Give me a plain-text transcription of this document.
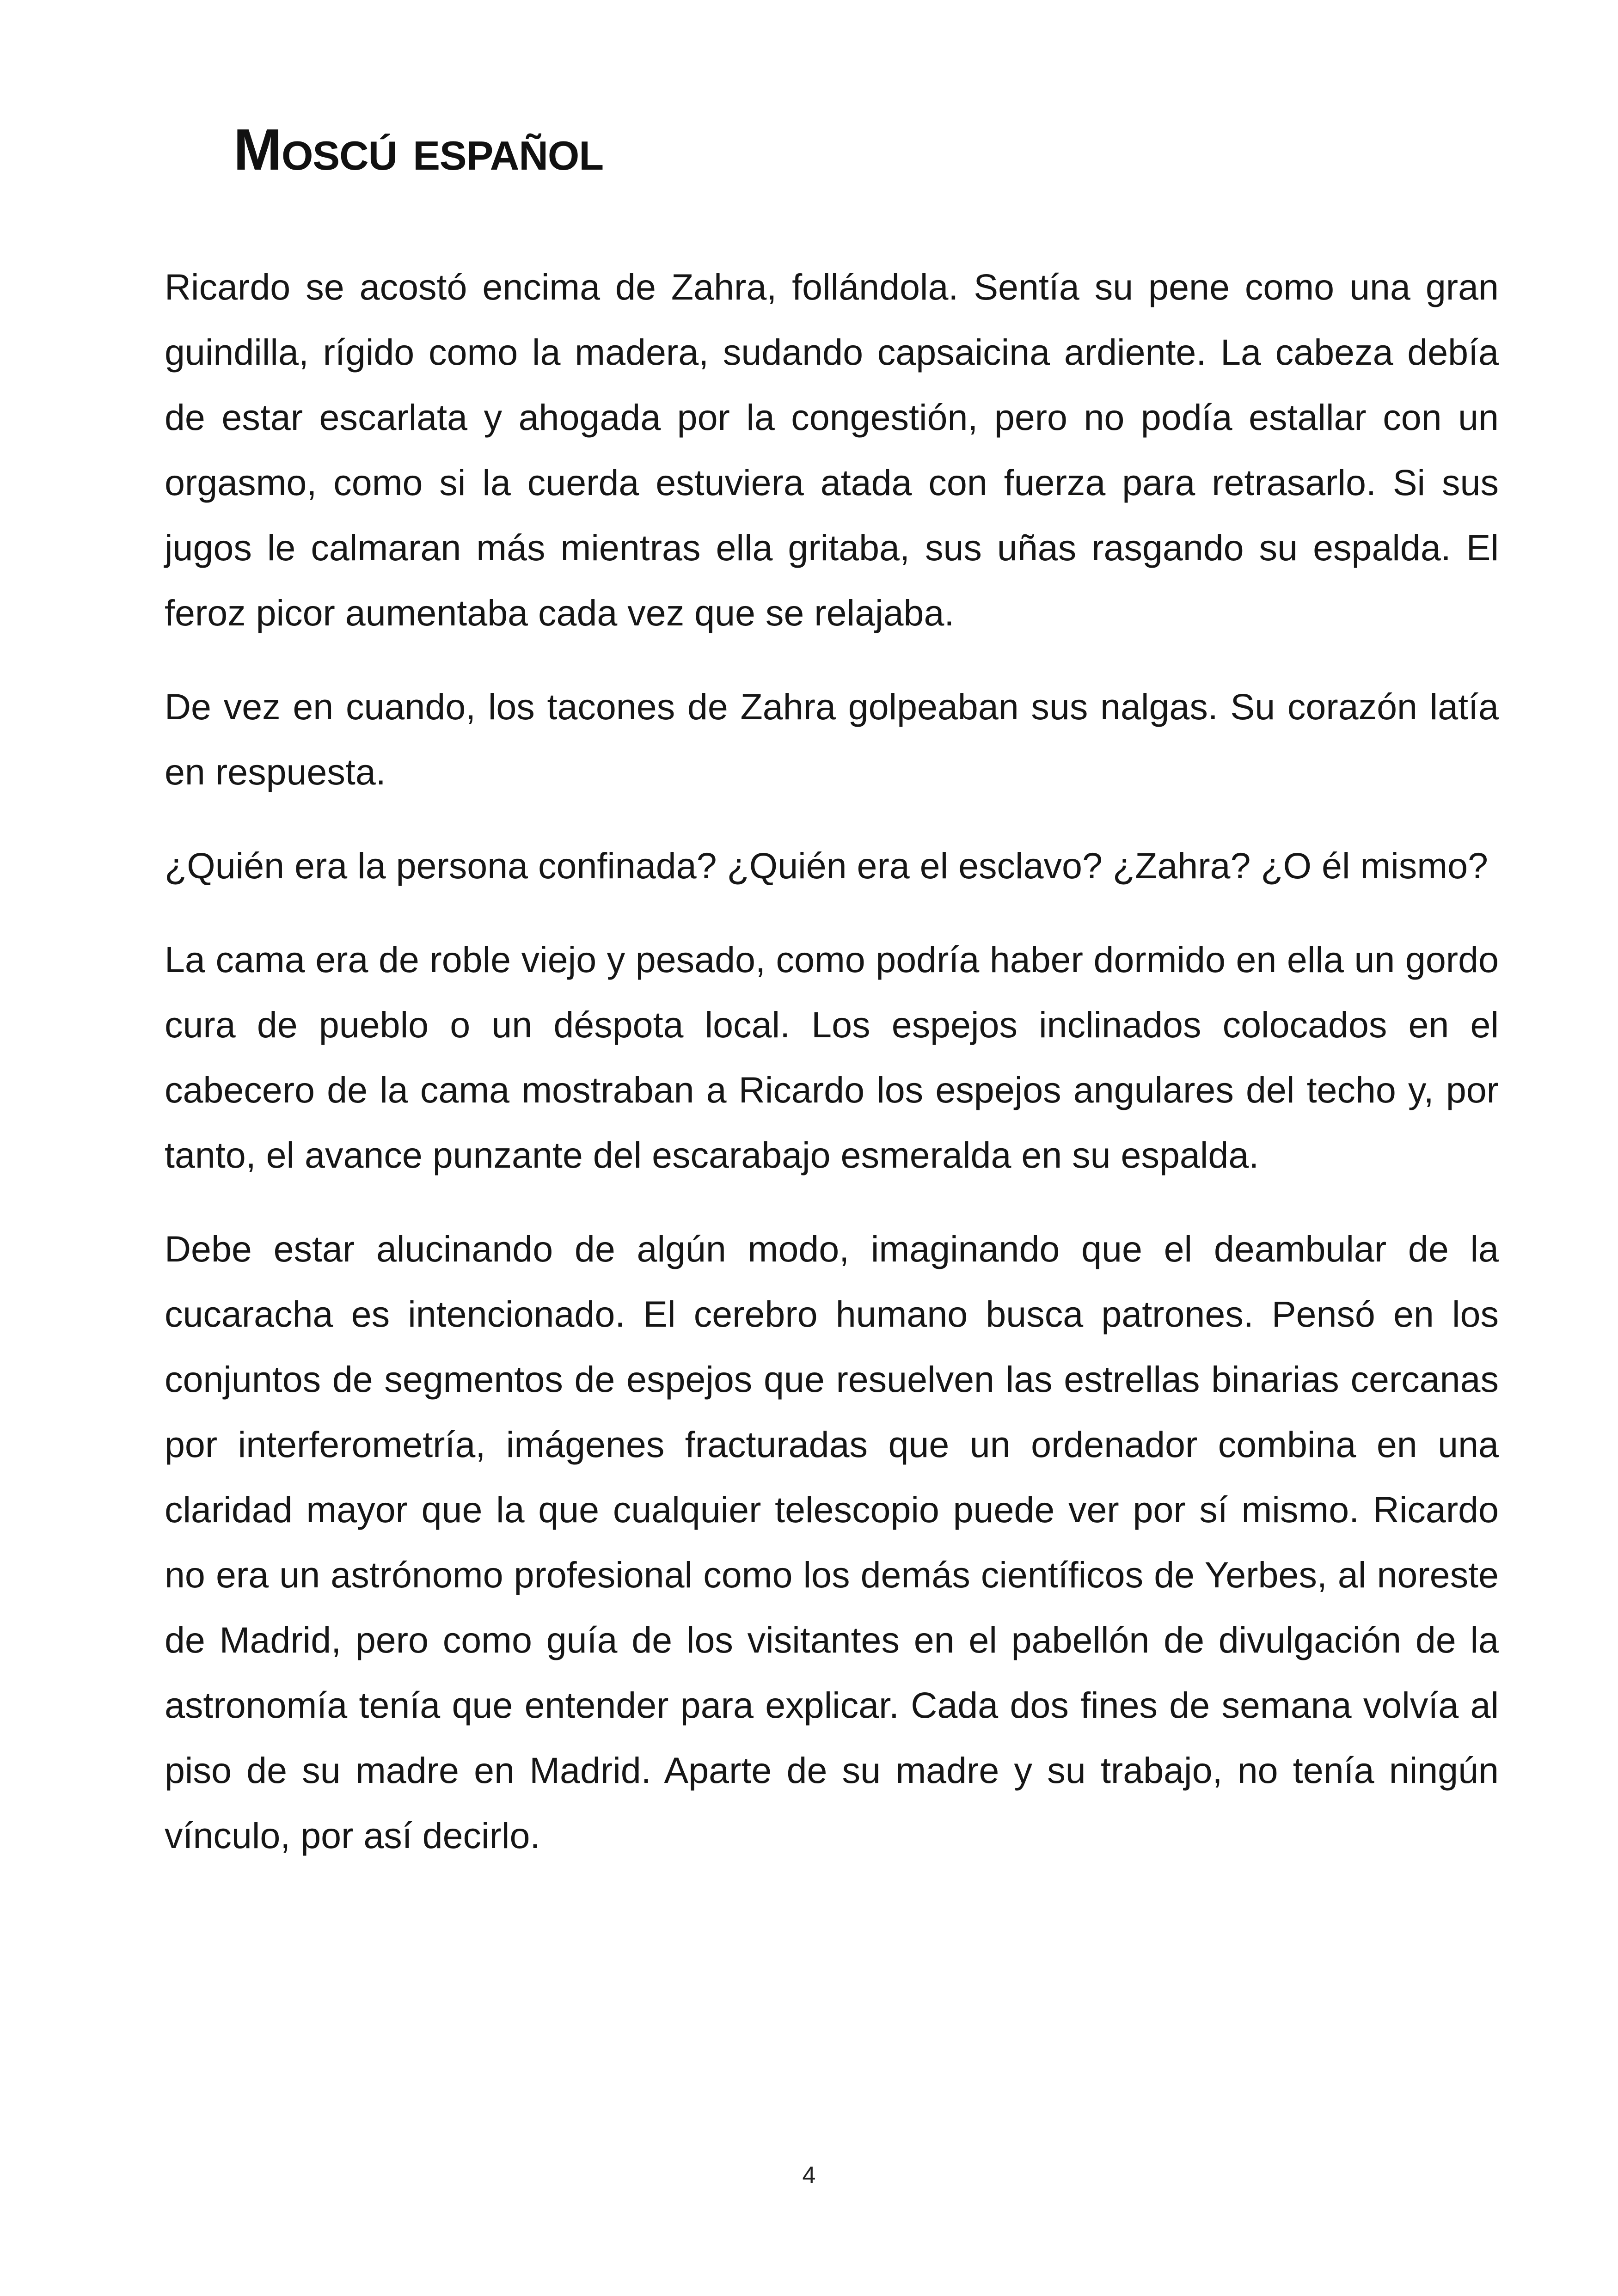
Moscú español

Ricardo se acostó encima de Zahra, follándola. Sentía su pene como una gran guindilla, rígido como la madera, sudando capsaicina ardiente. La cabeza debía de estar escarlata y ahogada por la congestión, pero no podía estallar con un orgasmo, como si la cuerda estuviera atada con fuerza para retrasarlo. Si sus jugos le calmaran más mientras ella gritaba, sus uñas rasgando su espalda. El feroz picor aumentaba cada vez que se relajaba.

De vez en cuando, los tacones de Zahra golpeaban sus nalgas. Su corazón latía en respuesta.

¿Quién era la persona confinada? ¿Quién era el esclavo? ¿Zahra? ¿O él mismo?

La cama era de roble viejo y pesado, como podría haber dormido en ella un gordo cura de pueblo o un déspota local. Los espejos inclinados colocados en el cabecero de la cama mostraban a Ricardo los espejos angulares del techo y, por tanto, el avance punzante del escarabajo esmeralda en su espalda.

Debe estar alucinando de algún modo, imaginando que el deambular de la cucaracha es intencionado. El cerebro humano busca patrones. Pensó en los conjuntos de segmentos de espejos que resuelven las estrellas binarias cercanas por interferometría, imágenes fracturadas que un ordenador combina en una claridad mayor que la que cualquier telescopio puede ver por sí mismo. Ricardo no era un astrónomo profesional como los demás científicos de Yerbes, al noreste de Madrid, pero como guía de los visitantes en el pabellón de divulgación de la astronomía tenía que entender para explicar. Cada dos fines de semana volvía al piso de su madre en Madrid. Aparte de su madre y su trabajo, no tenía ningún vínculo, por así decirlo.

4
